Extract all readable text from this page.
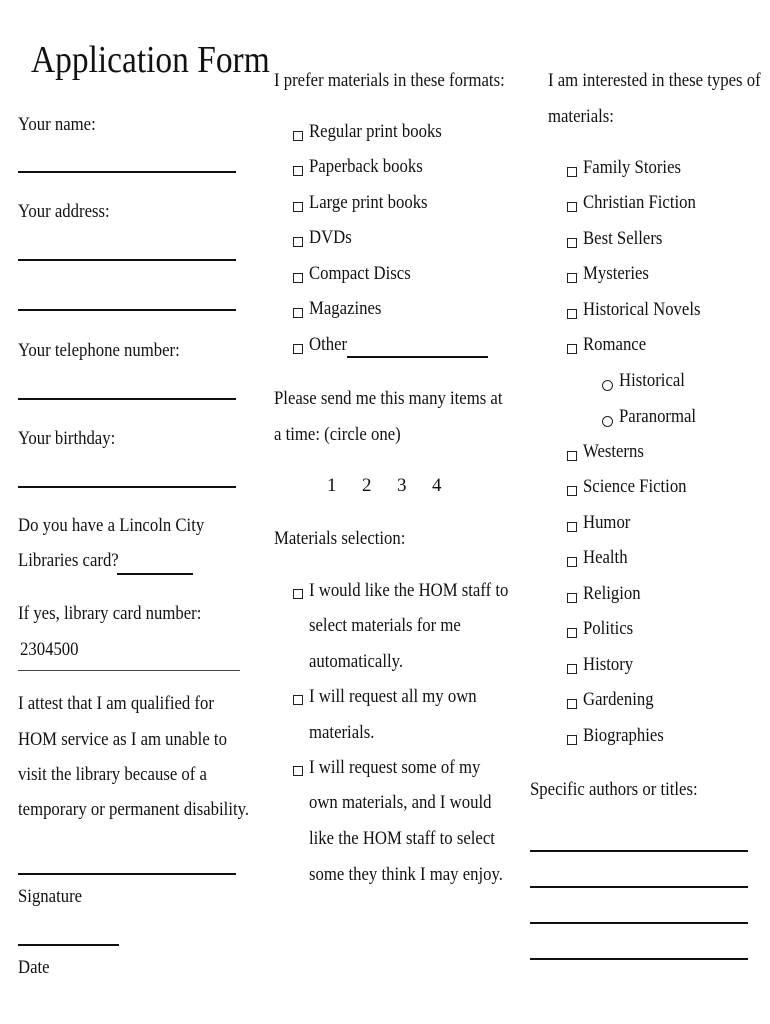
Application Form
Your name:
Your address:
Your telephone number:
Your birthday:
Do you have a Lincoln City
Libraries card?
If yes, library card number:
2304500
I attest that I am qualified for
HOM service as I am unable to
visit the library because of a
temporary or permanent disability.
Signature
Date
I prefer materials in these formats:
Regular print books
Paperback books
Large print books
DVDs
Compact Discs
Magazines
Other
Please send me this many items at
a time: (circle one)
1 2 3 4
Materials selection:
I would like the HOM staff to
select materials for me
automatically.
I will request all my own
materials.
I will request some of my
own materials, and I would
like the HOM staff to select
some they think I may enjoy.
I am interested in these types of
materials:
Family Stories
Christian Fiction
Best Sellers
Mysteries
Historical Novels
Romance
Historical
Paranormal
Westerns
Science Fiction
Humor
Health
Religion
Politics
History
Gardening
Biographies
Specific authors or titles:
